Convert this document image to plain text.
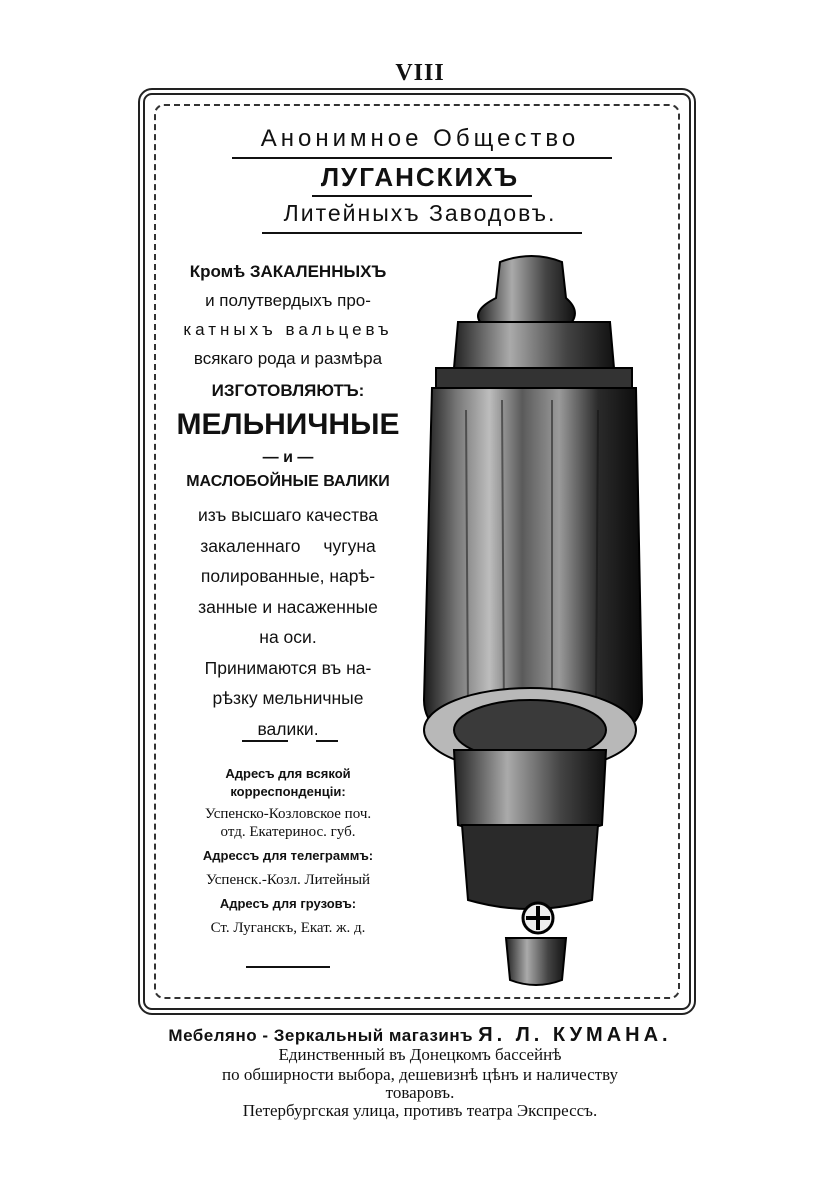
VIII
Анонимное Общество
ЛУГАНСКИХЪ
Литейныхъ Заводовъ.
Кромѣ ЗАКАЛЕННЫХЪ
и полутвердыхъ про-
катныхъ вальцевъ
всякаго рода и размѣра
ИЗГОТОВЛЯЮТЪ:
МЕЛЬНИЧНЫЕ
— и —
МАСЛОБОЙНЫЕ ВАЛИКИ
изъ высшаго качества
закаленнаго чугуна
полированные, нарѣ-
занные и насаженные
на оси.
Принимаются въ на-
рѣзку мельничные
валики.
Адресъ для всякой
корреспонденціи:
Успенско-Козловское поч.
отд. Екатеринос. губ.
Адрессъ для телеграммъ:
Успенск.-Козл. Литейный
Адресъ для грузовъ:
Ст. Луганскъ, Екат. ж. д.
Мебеляно - Зеркальный магазинъ Я. Л. КУМАНА.
Единственный въ Донецкомъ бассейнѣ
по обширности выбора, дешевизнѣ цѣнъ и наличеству
товаровъ.
Петербургская улица, противъ театра Экспрессъ.
